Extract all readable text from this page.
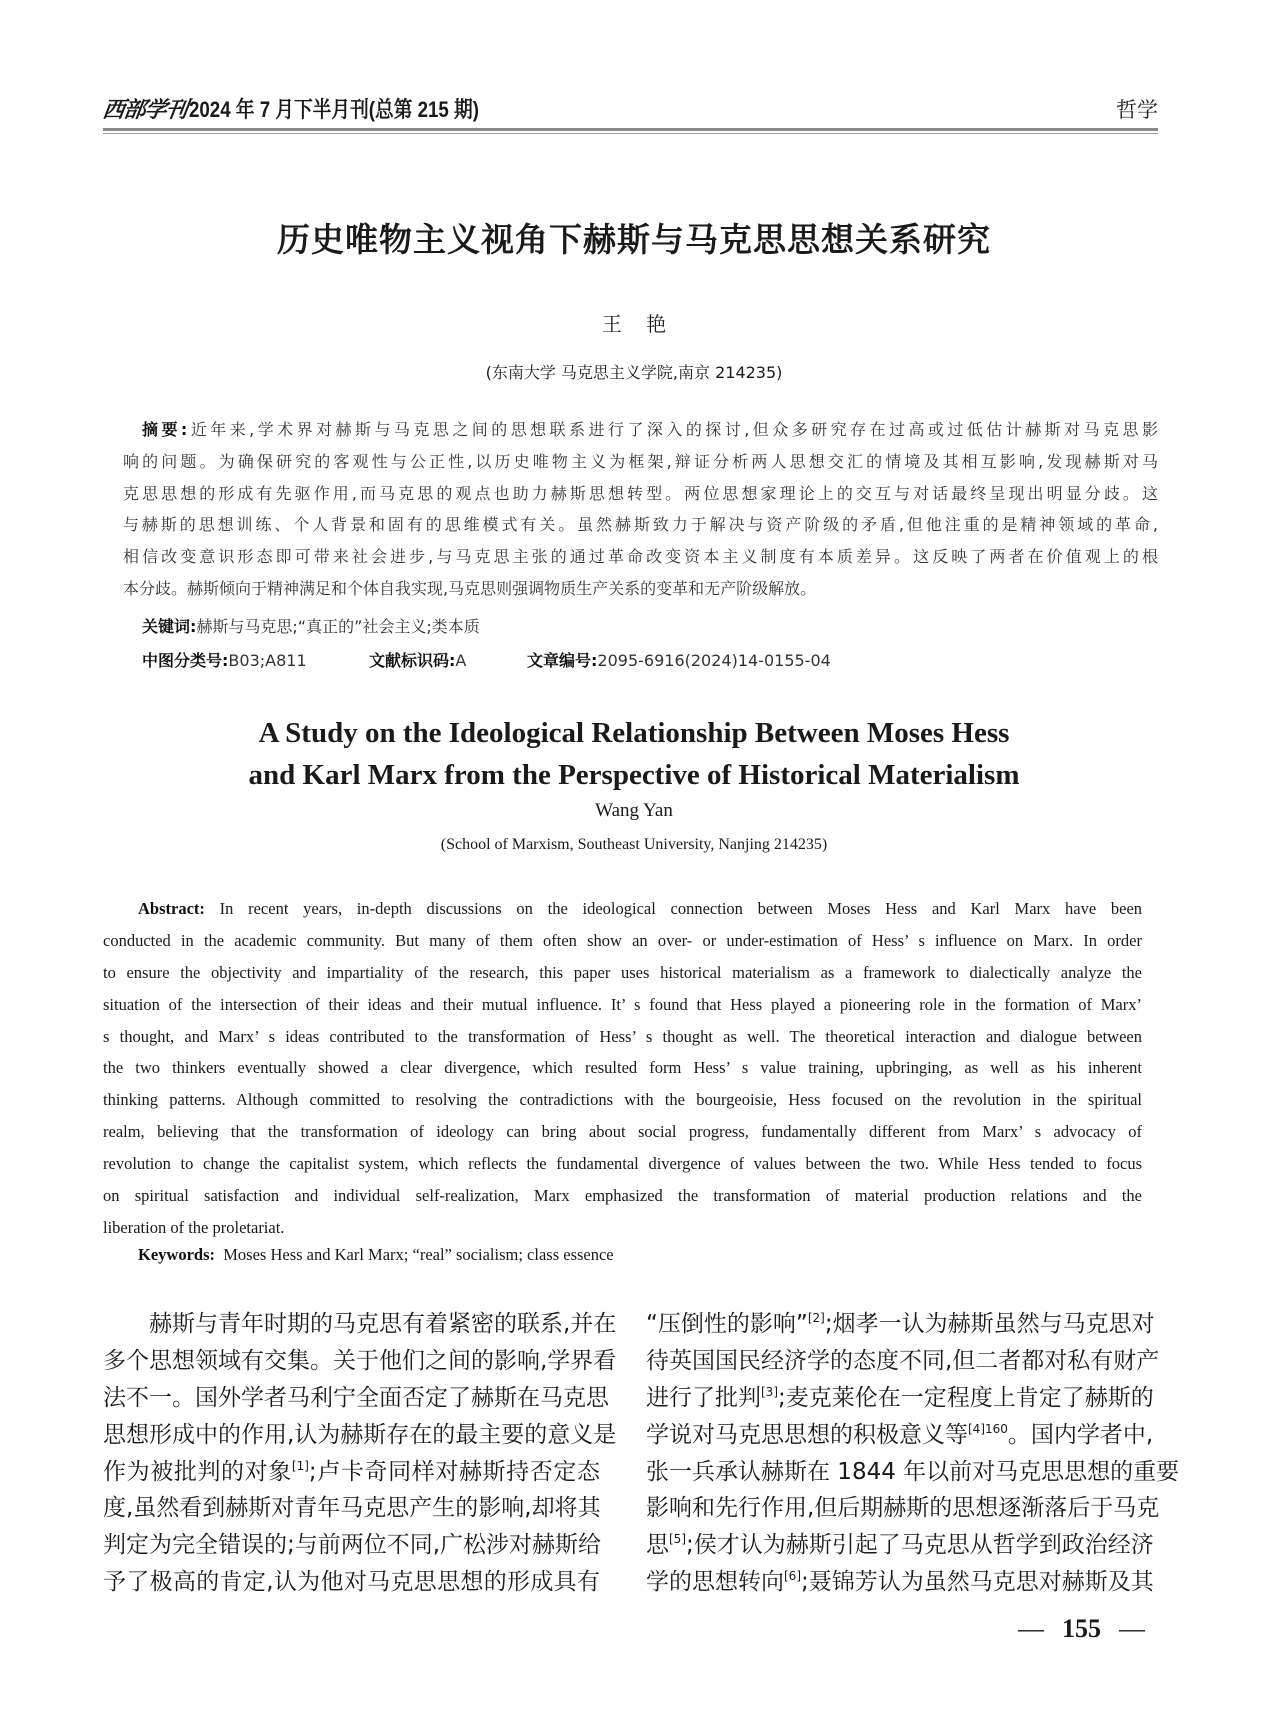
西部学刊 2024 年 7 月下半月刊(总第 215 期)	哲学
历史唯物主义视角下赫斯与马克思思想关系研究
王 艳
(东南大学 马克思主义学院,南京 214235)
摘要:近年来,学术界对赫斯与马克思之间的思想联系进行了深入的探讨,但众多研究存在过高或过低估计赫斯对马克思影
响的问题。为确保研究的客观性与公正性,以历史唯物主义为框架,辩证分析两人思想交汇的情境及其相互影响,发现赫斯对马
克思思想的形成有先驱作用,而马克思的观点也助力赫斯思想转型。两位思想家理论上的交互与对话最终呈现出明显分歧。这
与赫斯的思想训练、个人背景和固有的思维模式有关。虽然赫斯致力于解决与资产阶级的矛盾,但他注重的是精神领域的革命,
相信改变意识形态即可带来社会进步,与马克思主张的通过革命改变资本主义制度有本质差异。这反映了两者在价值观上的根
本分歧。赫斯倾向于精神满足和个体自我实现,马克思则强调物质生产关系的变革和无产阶级解放。
关键词:赫斯与马克思;“真正的”社会主义;类本质
中图分类号:B03;A811	文献标识码:A	文章编号:2095-6916(2024)14-0155-04
A Study on the Ideological Relationship Between Moses Hess
and Karl Marx from the Perspective of Historical Materialism
Wang Yan
(School of Marxism, Southeast University, Nanjing 214235)
Abstract: In recent years, in-depth discussions on the ideological connection between Moses Hess and Karl Marx have been
conducted in the academic community. But many of them often show an over- or under-estimation of Hess’ s influence on Marx. In order
to ensure the objectivity and impartiality of the research, this paper uses historical materialism as a framework to dialectically analyze the
situation of the intersection of their ideas and their mutual influence. It’ s found that Hess played a pioneering role in the formation of Marx’
s thought, and Marx’ s ideas contributed to the transformation of Hess’ s thought as well. The theoretical interaction and dialogue between
the two thinkers eventually showed a clear divergence, which resulted form Hess’ s value training, upbringing, as well as his inherent
thinking patterns. Although committed to resolving the contradictions with the bourgeoisie, Hess focused on the revolution in the spiritual
realm, believing that the transformation of ideology can bring about social progress, fundamentally different from Marx’ s advocacy of
revolution to change the capitalist system, which reflects the fundamental divergence of values between the two. While Hess tended to focus
on spiritual satisfaction and individual self-realization, Marx emphasized the transformation of material production relations and the
liberation of the proletariat.
Keywords: Moses Hess and Karl Marx; “real” socialism; class essence
赫斯与青年时期的马克思有着紧密的联系,并在
多个思想领域有交集。关于他们之间的影响,学界看
法不一。国外学者马利宁全面否定了赫斯在马克思
思想形成中的作用,认为赫斯存在的最主要的意义是
作为被批判的对象[1];卢卡奇同样对赫斯持否定态
度,虽然看到赫斯对青年马克思产生的影响,却将其
判定为完全错误的;与前两位不同,广松涉对赫斯给
予了极高的肯定,认为他对马克思思想的形成具有
“压倒性的影响”[2];烟孝一认为赫斯虽然与马克思对
待英国国民经济学的态度不同,但二者都对私有财产
进行了批判[3];麦克莱伦在一定程度上肯定了赫斯的
学说对马克思思想的积极意义等$^{[4]160}$。国内学者中,
张一兵承认赫斯在 1844 年以前对马克思思想的重要
影响和先行作用,但后期赫斯的思想逐渐落后于马克
思[5];侯才认为赫斯引起了马克思从哲学到政治经济
学的思想转向[6];聂锦芳认为虽然马克思对赫斯及其
— 155 —
